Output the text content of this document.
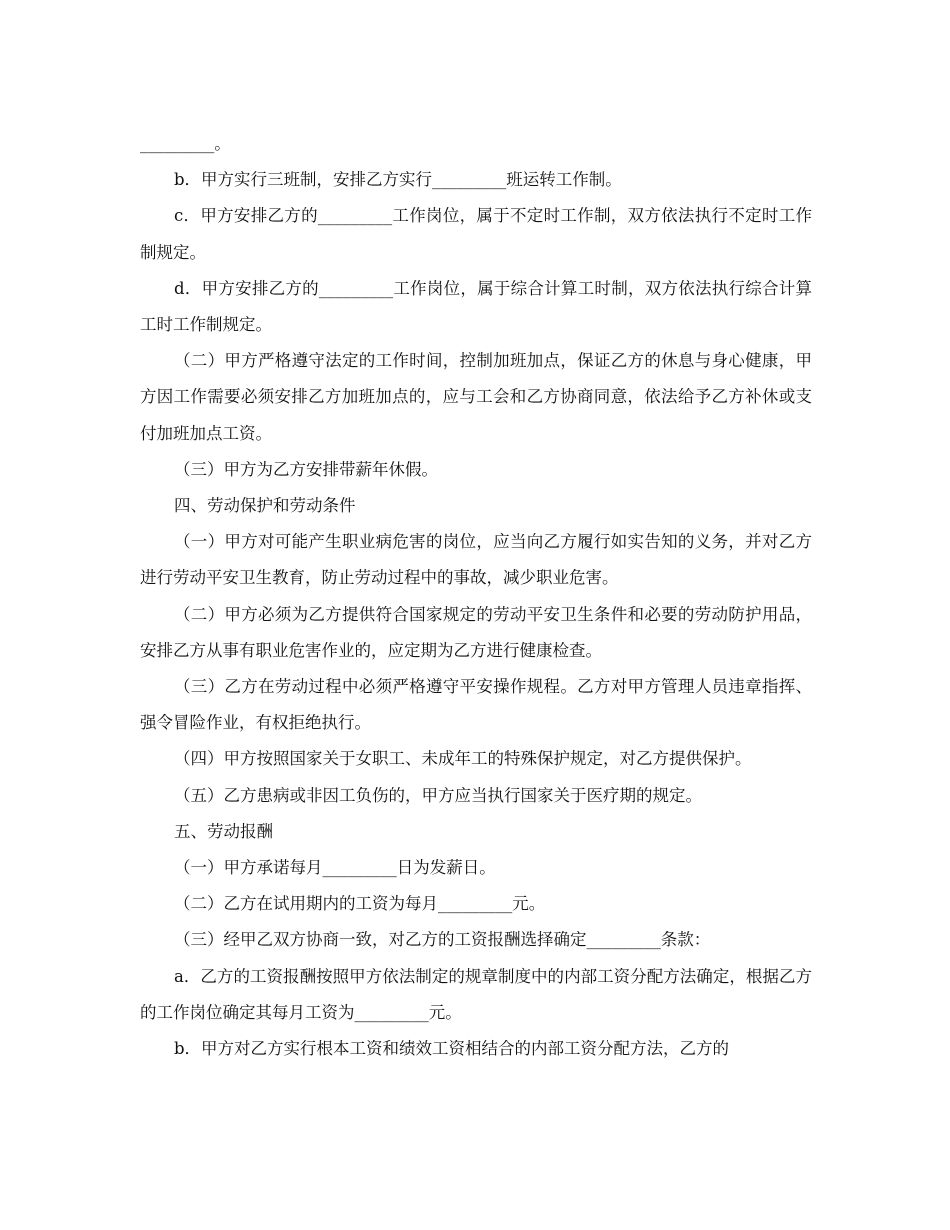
_________。

b．甲方实行三班制，安排乙方实行_________班运转工作制。

c．甲方安排乙方的_________工作岗位，属于不定时工作制，双方依法执行不定时工作制规定。

d．甲方安排乙方的_________工作岗位，属于综合计算工时制，双方依法执行综合计算工时工作制规定。

（二）甲方严格遵守法定的工作时间，控制加班加点，保证乙方的休息与身心健康，甲方因工作需要必须安排乙方加班加点的，应与工会和乙方协商同意，依法给予乙方补休或支付加班加点工资。

（三）甲方为乙方安排带薪年休假。

四、劳动保护和劳动条件

（一）甲方对可能产生职业病危害的岗位，应当向乙方履行如实告知的义务，并对乙方进行劳动平安卫生教育，防止劳动过程中的事故，减少职业危害。

（二）甲方必须为乙方提供符合国家规定的劳动平安卫生条件和必要的劳动防护用品，安排乙方从事有职业危害作业的，应定期为乙方进行健康检查。

（三）乙方在劳动过程中必须严格遵守平安操作规程。乙方对甲方管理人员违章指挥、强令冒险作业，有权拒绝执行。

（四）甲方按照国家关于女职工、未成年工的特殊保护规定，对乙方提供保护。

（五）乙方患病或非因工负伤的，甲方应当执行国家关于医疗期的规定。

五、劳动报酬

（一）甲方承诺每月_________日为发薪日。

（二）乙方在试用期内的工资为每月_________元。

（三）经甲乙双方协商一致，对乙方的工资报酬选择确定_________条款：

a．乙方的工资报酬按照甲方依法制定的规章制度中的内部工资分配方法确定，根据乙方的工作岗位确定其每月工资为_________元。

b．甲方对乙方实行根本工资和绩效工资相结合的内部工资分配方法，乙方的
